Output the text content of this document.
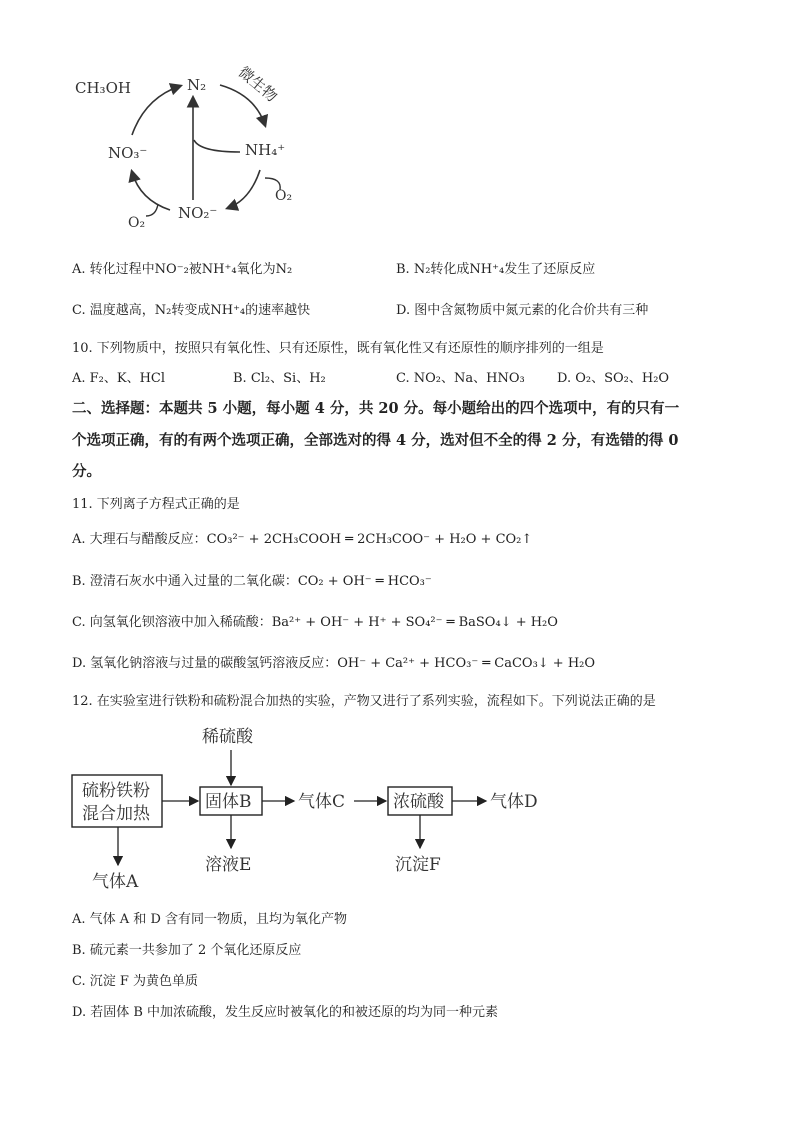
CH₃OH	N₂ 微生物
NH₄⁺
NO₃⁻
O₂
NO₂⁻
O₂
A. 转化过程中NO⁻₂被NH⁺₄氧化为N₂	B. N₂转化成NH⁺₄发生了还原反应
C. 温度越高，N₂转变成NH⁺₄的速率越快	D. 图中含氮物质中氮元素的化合价共有三种
10. 下列物质中，按照只有氧化性、只有还原性，既有氧化性又有还原性的顺序排列的一组是
A. F₂、K、HCl	B. Cl₂、Si、H₂	C. NO₂、Na、HNO₃ D. O₂、SO₂、H₂O
二、选择题：本题共 5 小题，每小题 4 分，共 20 分。每小题给出的四个选项中，有的只有一
个选项正确，有的有两个选项正确，全部选对的得 4 分，选对但不全的得 2 分，有选错的得 0
分。
11. 下列离子方程式正确的是
A. 大理石与醋酸反应：CO₃²⁻ + 2CH₃COOH ═ 2CH₃COO⁻ + H₂O + CO₂↑
B. 澄清石灰水中通入过量的二氧化碳：CO₂ + OH⁻ ═ HCO₃⁻
C. 向氢氧化钡溶液中加入稀硫酸：Ba²⁺ + OH⁻ + H⁺ + SO₄²⁻ ═ BaSO₄↓ + H₂O
D. 氢氧化钠溶液与过量的碳酸氢钙溶液反应：OH⁻ + Ca²⁺ + HCO₃⁻ ═ CaCO₃↓ + H₂O
12. 在实验室进行铁粉和硫粉混合加热的实验，产物又进行了系列实验，流程如下。下列说法正确的是
硫粉铁粉
混合加热
固体B	浓硫酸
稀硫酸
气体C	气体D
气体A
溶液E	沉淀F
A. 气体 A 和 D 含有同一物质，且均为氧化产物
B. 硫元素一共参加了 2 个氧化还原反应
C. 沉淀 F 为黄色单质
D. 若固体 B 中加浓硫酸，发生反应时被氧化的和被还原的均为同一种元素
